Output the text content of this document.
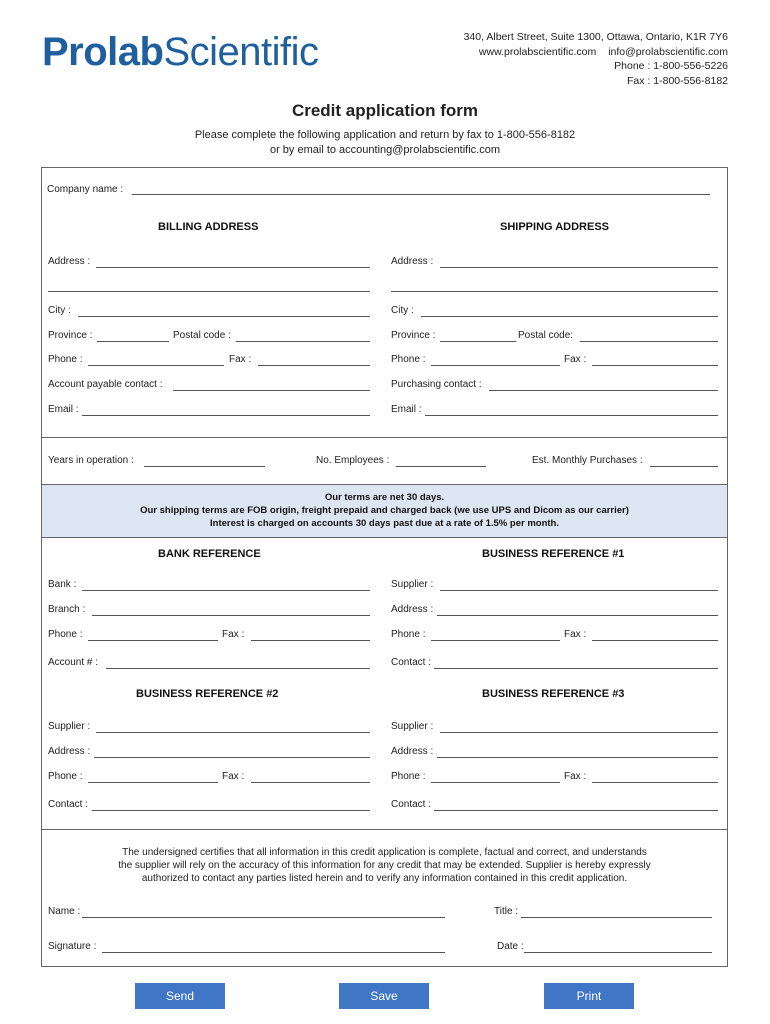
ProlabScientific	340, Albert Street, Suite 1300, Ottawa, Ontario, K1R 7Y6
www.prolabscientific.com info@prolabscientific.com
Phone : 1-800-556-5226
Fax : 1-800-556-8182
Credit application form
Please complete the following application and return by fax to 1-800-556-8182
or by email to accounting@prolabscientific.com
Company name :
BILLING ADDRESS	SHIPPING ADDRESS
Address :
City :
Province :	Postal code :
Phone :	Fax :
Account payable contact :
Email :
Address :
City :
Province :	Postal code:
Phone :	Fax :
Purchasing contact :
Email :
Years in operation :	No. Employees :	Est. Monthly Purchases :
Our terms are net 30 days.
Our shipping terms are FOB origin, freight prepaid and charged back (we use UPS and Dicom as our carrier)
Interest is charged on accounts 30 days past due at a rate of 1.5% per month.
BANK REFERENCE
Bank :
Branch :
Phone :	Fax :
Account # :
BUSINESS REFERENCE #1
Supplier :
Address :
Phone :	Fax :
Contact :
BUSINESS REFERENCE #2
Supplier :
Address :
Phone :	Fax :
Contact :
BUSINESS REFERENCE #3
Supplier :
Address :
Phone :	Fax :
Contact :
The undersigned certifies that all information in this credit application is complete, factual and correct, and understands
the supplier will rely on the accuracy of this information for any credit that may be extended. Supplier is hereby expressly
authorized to contact any parties listed herein and to verify any information contained in this credit application.
Name :	Title :
Signature :	Date :
Send	Save	Print
